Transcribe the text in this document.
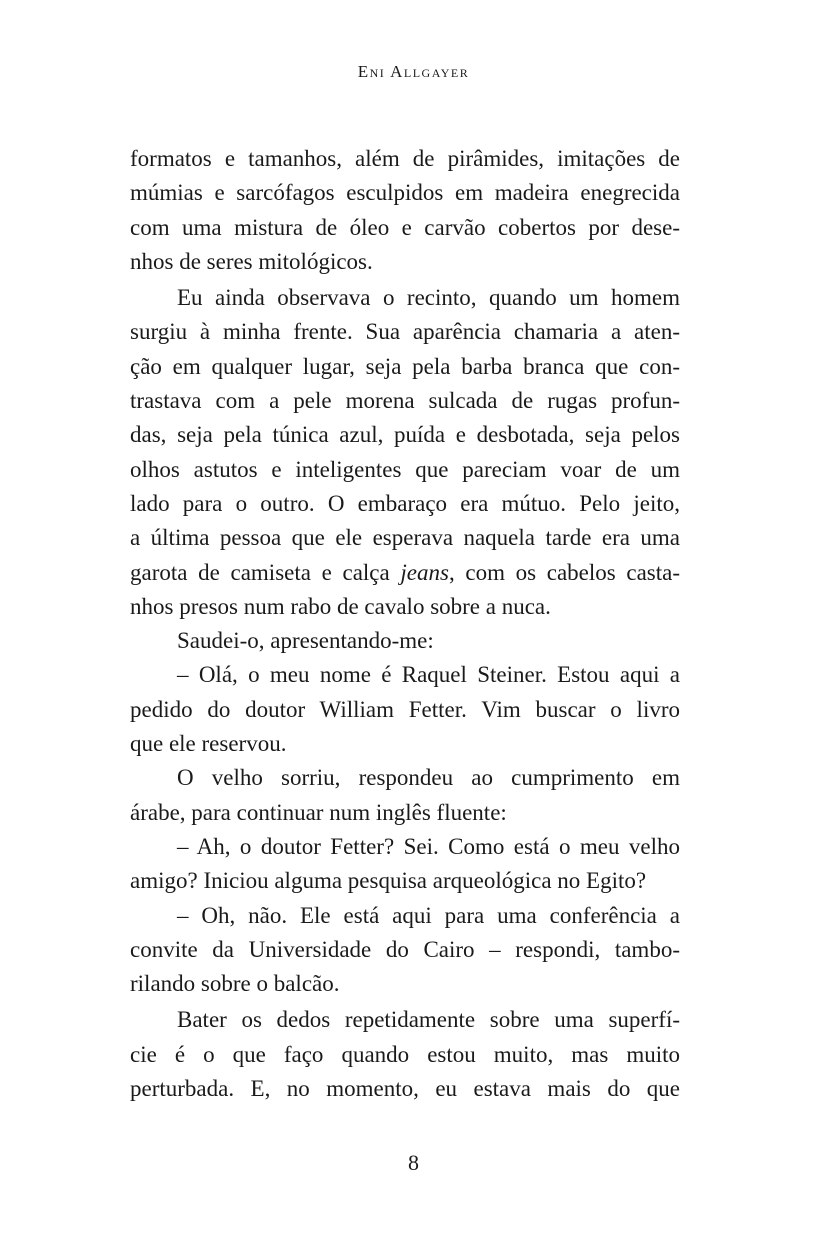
Eni Allgayer
formatos e tamanhos, além de pirâmides, imitações de
múmias e sarcófagos esculpidos em madeira enegrecida
com uma mistura de óleo e carvão cobertos por dese-
nhos de seres mitológicos.
Eu ainda observava o recinto, quando um homem
surgiu à minha frente. Sua aparência chamaria a aten-
ção em qualquer lugar, seja pela barba branca que con-
trastava com a pele morena sulcada de rugas profun-
das, seja pela túnica azul, puída e desbotada, seja pelos
olhos astutos e inteligentes que pareciam voar de um
lado para o outro. O embaraço era mútuo. Pelo jeito,
a última pessoa que ele esperava naquela tarde era uma
garota de camiseta e calça jeans, com os cabelos casta-
nhos presos num rabo de cavalo sobre a nuca.
Saudei-o, apresentando-me:
– Olá, o meu nome é Raquel Steiner. Estou aqui a
pedido do doutor William Fetter. Vim buscar o livro
que ele reservou.
O velho sorriu, respondeu ao cumprimento em
árabe, para continuar num inglês fluente:
– Ah, o doutor Fetter? Sei. Como está o meu velho
amigo? Iniciou alguma pesquisa arqueológica no Egito?
– Oh, não. Ele está aqui para uma conferência a
convite da Universidade do Cairo – respondi, tambo-
rilando sobre o balcão.
Bater os dedos repetidamente sobre uma superfí-
cie é o que faço quando estou muito, mas muito
perturbada. E, no momento, eu estava mais do que
8
